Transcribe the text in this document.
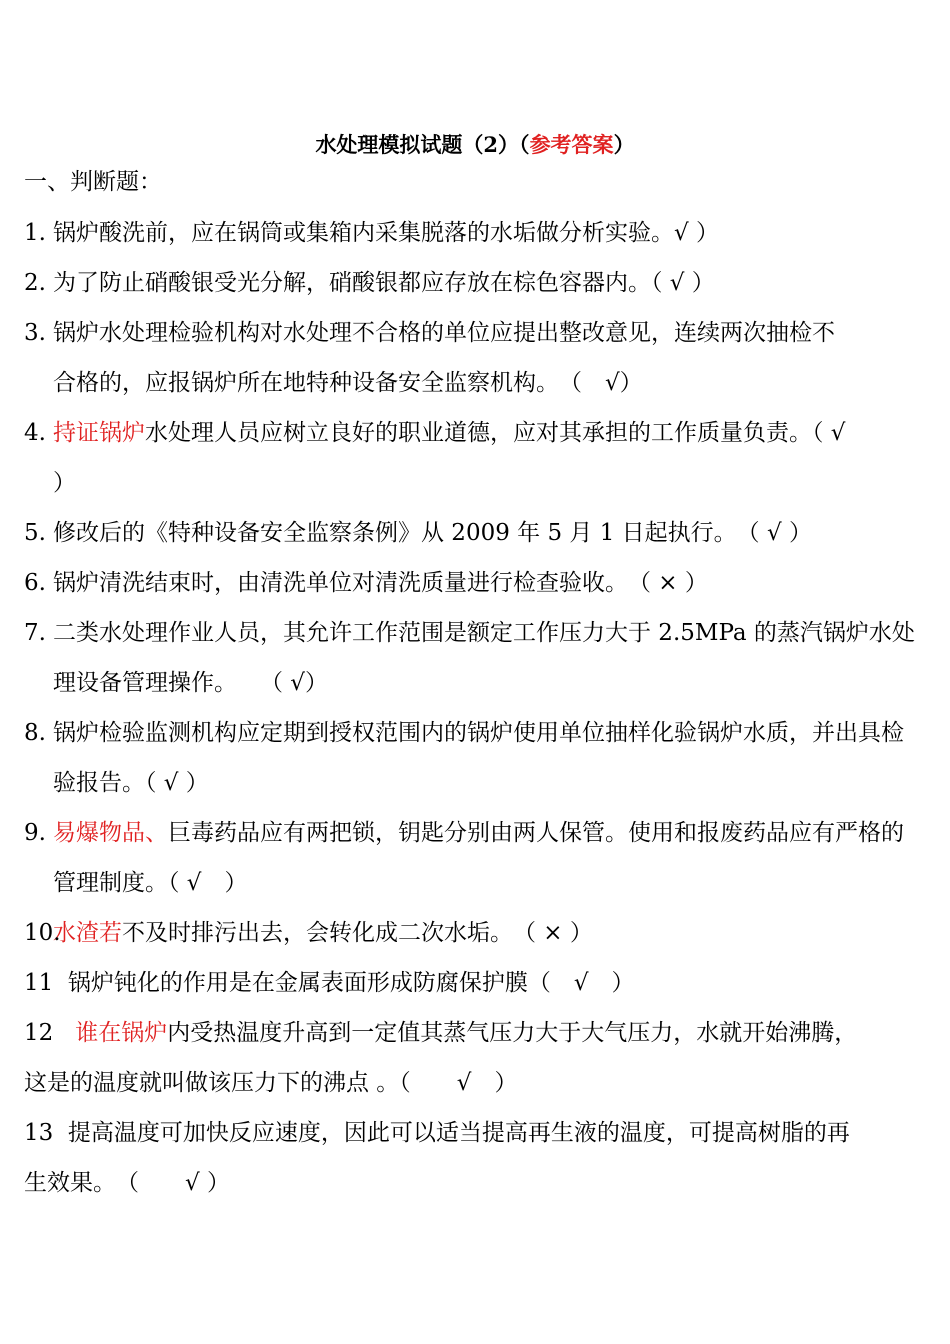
水处理模拟试题（2）（参考答案）
一、判断题：
1. 锅炉酸洗前，应在锅筒或集箱内采集脱落的水垢做分析实验。√ ）
2. 为了防止硝酸银受光分解，硝酸银都应存放在棕色容器内。（ √ ）
3. 锅炉水处理检验机构对水处理不合格的单位应提出整改意见，连续两次抽检不
合格的，应报锅炉所在地特种设备安全监察机构。　（　√）
4. 持证锅炉水处理人员应树立良好的职业道德，应对其承担的工作质量负责。（ √
）
5. 修改后的《特种设备安全监察条例》从 2009 年 5 月 1 日起执行。　（ √ ）
6. 锅炉清洗结束时，由清洗单位对清洗质量进行检查验收。　（ × ）
7. 二类水处理作业人员，其允许工作范围是额定工作压力大于 2.5MPa 的蒸汽锅炉水处
理设备管理操作。　　（ √）
8. 锅炉检验监测机构应定期到授权范围内的锅炉使用单位抽样化验锅炉水质，并出具检
验报告。（ √ ）
9. 易爆物品、巨毒药品应有两把锁，钥匙分别由两人保管。使用和报废药品应有严格的
管理制度。（ √　）
10.
水渣若不及时排污出去，会转化成二次水垢。　（ × ）
11 锅炉钝化的作用是在金属表面形成防腐保护膜（　√　）
12 谁在锅炉内受热温度升高到一定值其蒸气压力大于大气压力，水就开始沸腾，
这是的温度就叫做该压力下的沸点 。（　　√　）
13 提高温度可加快反应速度，因此可以适当提高再生液的温度，可提高树脂的再
生效果。　（　　√ ）
